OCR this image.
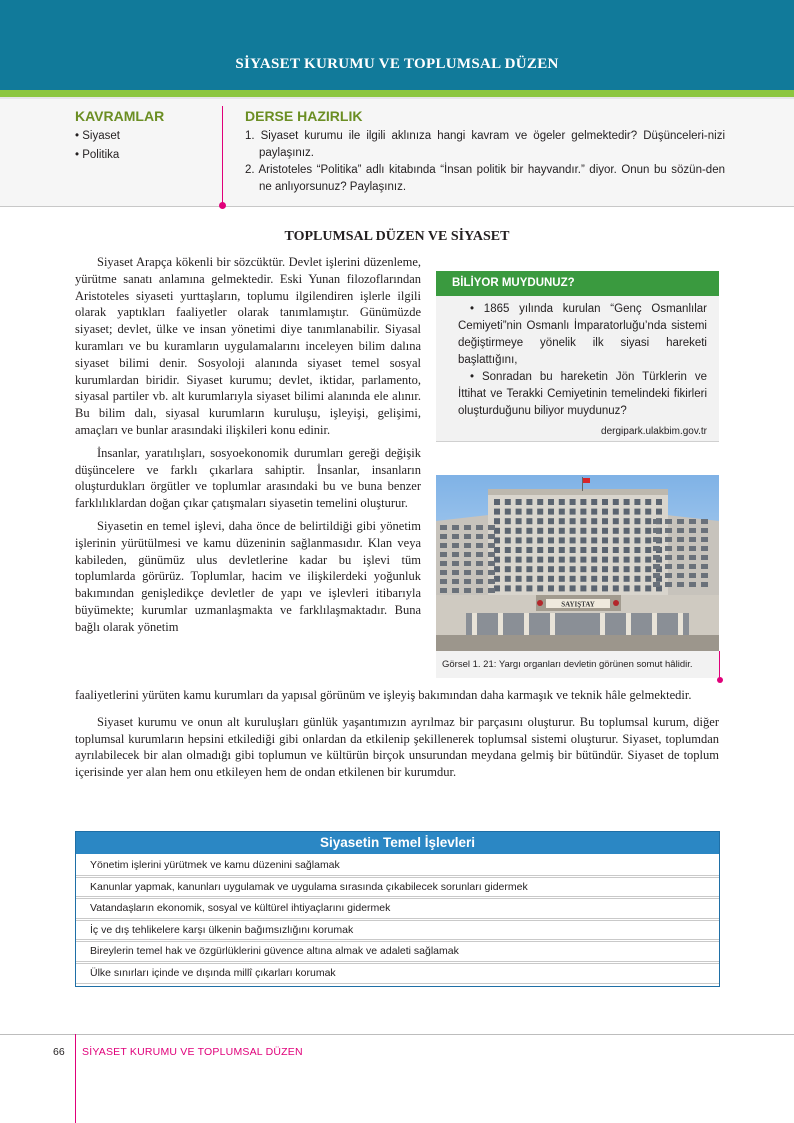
SİYASET KURUMU VE TOPLUMSAL DÜZEN
KAVRAMLAR
• Siyaset
• Politika
DERSE HAZIRLIK
1. Siyaset kurumu ile ilgili aklınıza hangi kavram ve ögeler gelmektedir? Düşünceleri-nizi paylaşınız.
2. Aristoteles “Politika” adlı kitabında “İnsan politik bir hayvandır.” diyor. Onun bu sözün-den ne anlıyorsunuz? Paylaşınız.
TOPLUMSAL DÜZEN VE SİYASET

Siyaset Arapça kökenli bir sözcüktür. Devlet işlerini düzenleme, yürütme sanatı anlamına gelmektedir. Eski Yunan filozoflarından Aristoteles siyaseti yurttaşların, toplumu ilgilendiren işlerle ilgili olarak yaptıkları faaliyetler olarak tanımlamıştır. Günümüzde siyaset; devlet, ülke ve insan yönetimi diye tanımlanabilir. Siyasal kuramları ve bu kuramların uygulamalarını inceleyen bilim dalına siyaset bilimi denir. Sosyoloji alanında siyaset temel sosyal kurumlardan biridir. Siyaset kurumu; devlet, iktidar, parlamento, siyasal partiler vb. alt kurumlarıyla siyaset bilimi alanında ele alınır. Bu bilim dalı, siyasal kurumların kuruluşu, işleyişi, gelişimi, amaçları ve bunlar arasındaki ilişkileri konu edinir.

İnsanlar, yaratılışları, sosyoekonomik durumları gereği değişik düşüncelere ve farklı çıkarlara sahiptir. İnsanlar, insanların oluşturdukları örgütler ve toplumlar arasındaki bu ve buna benzer farklılıklardan doğan çıkar çatışmaları siyasetin temelini oluşturur.

Siyasetin en temel işlevi, daha önce de belirtildiği gibi yönetim işlerinin yürütülmesi ve kamu düzeninin sağlanmasıdır. Klan veya kabileden, günümüz ulus devletlerine kadar bu işlevi tüm toplumlarda görürüz. Toplumlar, hacim ve ilişkilerdeki yoğunluk bakımından genişledikçe devletler de yapı ve işlevleri itibarıyla büyümekte; kurumlar uzmanlaşmakta ve farklılaşmaktadır. Buna bağlı olarak yönetim

faaliyetlerini yürüten kamu kurumları da yapısal görünüm ve işleyiş bakımından daha karmaşık ve teknik hâle gelmektedir.

Siyaset kurumu ve onun alt kuruluşları günlük yaşantımızın ayrılmaz bir parçasını oluşturur. Bu toplumsal kurum, diğer toplumsal kurumların hepsini etkilediği gibi onlardan da etkilenip şekillenerek toplumsal sistemi oluşturur. Siyaset, toplumdan ayrılabilecek bir alan olmadığı gibi toplumun ve kültürün birçok unsurundan meydana gelmiş bir bütündür. Siyaset de toplum içerisinde yer alan hem onu etkileyen hem de ondan etkilenen bir kurumdur.

BİLİYOR MUYDUNUZ?
• 1865 yılında kurulan “Genç Osmanlılar Cemiyeti”nin Osmanlı İmparatorluğu’nda sistemi değiştirmeye yönelik ilk siyasi hareketi başlattığını,
• Sonradan bu hareketin Jön Türklerin ve İttihat ve Terakki Cemiyetinin temelindeki fikirleri oluşturduğunu biliyor muydunuz?
dergipark.ulakbim.gov.tr
SAYIŞTAY
Görsel 1. 21: Yargı organları devletin görünen somut hâlidir.
Siyasetin Temel İşlevleri
Yönetim işlerini yürütmek ve kamu düzenini sağlamak
Kanunlar yapmak, kanunları uygulamak ve uygulama sırasında çıkabilecek sorunları gidermek
Vatandaşların ekonomik, sosyal ve kültürel ihtiyaçlarını gidermek
İç ve dış tehlikelere karşı ülkenin bağımsızlığını korumak
Bireylerin temel hak ve özgürlüklerini güvence altına almak ve adaleti sağlamak
Ülke sınırları içinde ve dışında millî çıkarları korumak
66 SİYASET KURUMU VE TOPLUMSAL DÜZEN
